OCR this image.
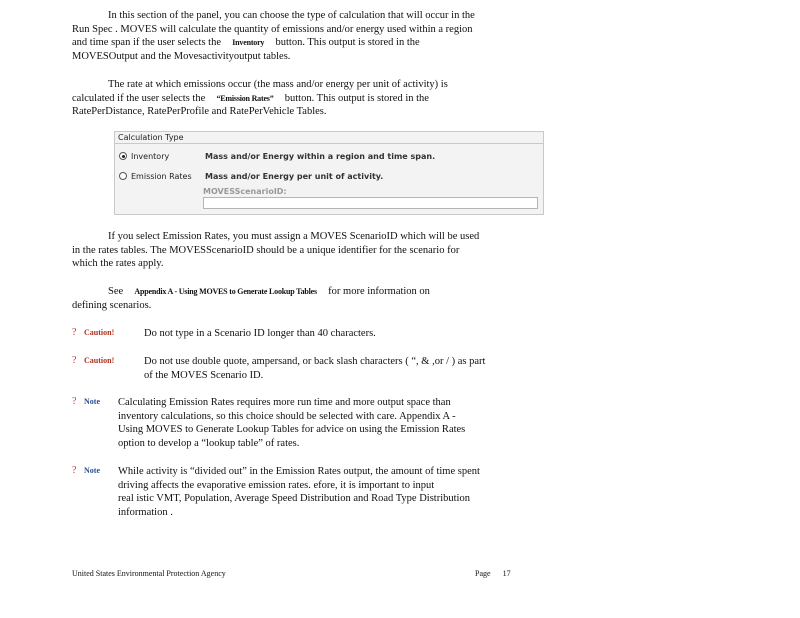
In this section of the panel, you can choose the type of calculation that will occur in the

Run Spec . MOVES will calculate the quantity of emissions and/or energy used within a region

and time span if the user selects the Inventory button. This output is stored in the

MOVESOutput and the Movesactivityoutput tables.

The rate at which emissions occur (the mass and/or energy per unit of activity) is

calculated if the user selects the “Emission Rates” button. This output is stored in the

RatePerDistance, RatePerProfile and RatePerVehicle Tables.

Calculation Type
Inventory	Mass and/or Energy within a region and time span.
Emission Rates	Mass and/or Energy per unit of activity.
MOVESScenarioID:

If you select Emission Rates, you must assign a MOVES ScenarioID which will be used

in the rates tables. The MOVESScenarioID should be a unique identifier for the scenario for

which the rates apply.

See Appendix A - Using MOVES to Generate Lookup Tables for more information on

defining scenarios.

? Caution!	Do not type in a Scenario ID longer than 40 characters.

? Caution!	Do not use double quote, ampersand, or back slash characters ( “, & ,or / ) as part

of the MOVES Scenario ID.

? Note Calculating Emission Rates requires more run time and more output space than

inventory calculations, so this choice should be selected with care. Appendix A -

Using MOVES to Generate Lookup Tables for advice on using the Emission Rates

option to develop a “lookup table” of rates.

? Note While activity is “divided out” in the Emission Rates output, the amount of time spent

driving affects the evaporative emission rates. efore, it is important to input

real istic VMT, Population, Average Speed Distribution and Road Type Distribution

information .

United States Environmental Protection Agency	Page 17
